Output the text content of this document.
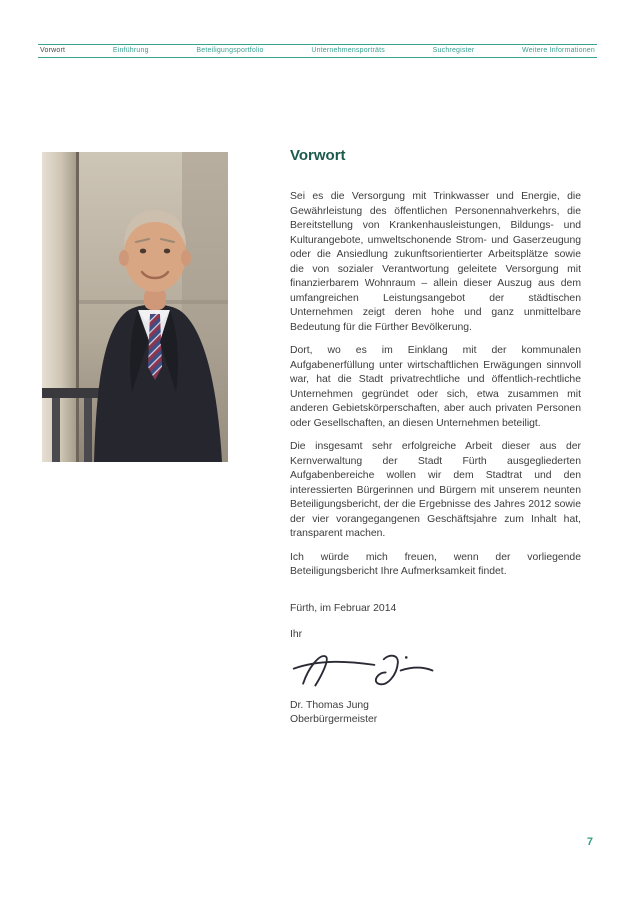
Vorwort	Einführung	Beteiligungsportfolio	Unternehmensporträts	Suchregister	Weitere Informationen
Vorwort

Sei es die Versorgung mit Trinkwasser und Energie, die Gewährleistung des öffentlichen Personennahverkehrs, die Bereitstellung von Krankenhausleistungen, Bildungs- und Kulturangebote, umweltschonende Strom- und Gaserzeugung oder die Ansiedlung zukunftsorientierter Arbeitsplätze sowie die von sozialer Verantwortung geleitete Versorgung mit finanzierbarem Wohnraum – allein dieser Auszug aus dem umfangreichen Leistungsangebot der städtischen Unternehmen zeigt deren hohe und ganz unmittelbare Bedeutung für die Fürther Bevölkerung.

Dort, wo es im Einklang mit der kommunalen Aufgabenerfüllung unter wirtschaftlichen Erwägungen sinnvoll war, hat die Stadt privatrechtliche und öffentlich-rechtliche Unternehmen gegründet oder sich, etwa zusammen mit anderen Gebietskörperschaften, aber auch privaten Personen oder Gesellschaften, an diesen Unternehmen beteiligt.

Die insgesamt sehr erfolgreiche Arbeit dieser aus der Kernverwaltung der Stadt Fürth ausgegliederten Aufgabenbereiche wollen wir dem Stadtrat und den interessierten Bürgerinnen und Bürgern mit unserem neunten Beteiligungsbericht, der die Ergebnisse des Jahres 2012 sowie der vier vorangegangenen Geschäftsjahre zum Inhalt hat, transparent machen.

Ich würde mich freuen, wenn der vorliegende Beteiligungsbericht Ihre Aufmerksamkeit findet.

Fürth, im Februar 2014

Ihr

Dr. Thomas Jung

Oberbürgermeister

7
